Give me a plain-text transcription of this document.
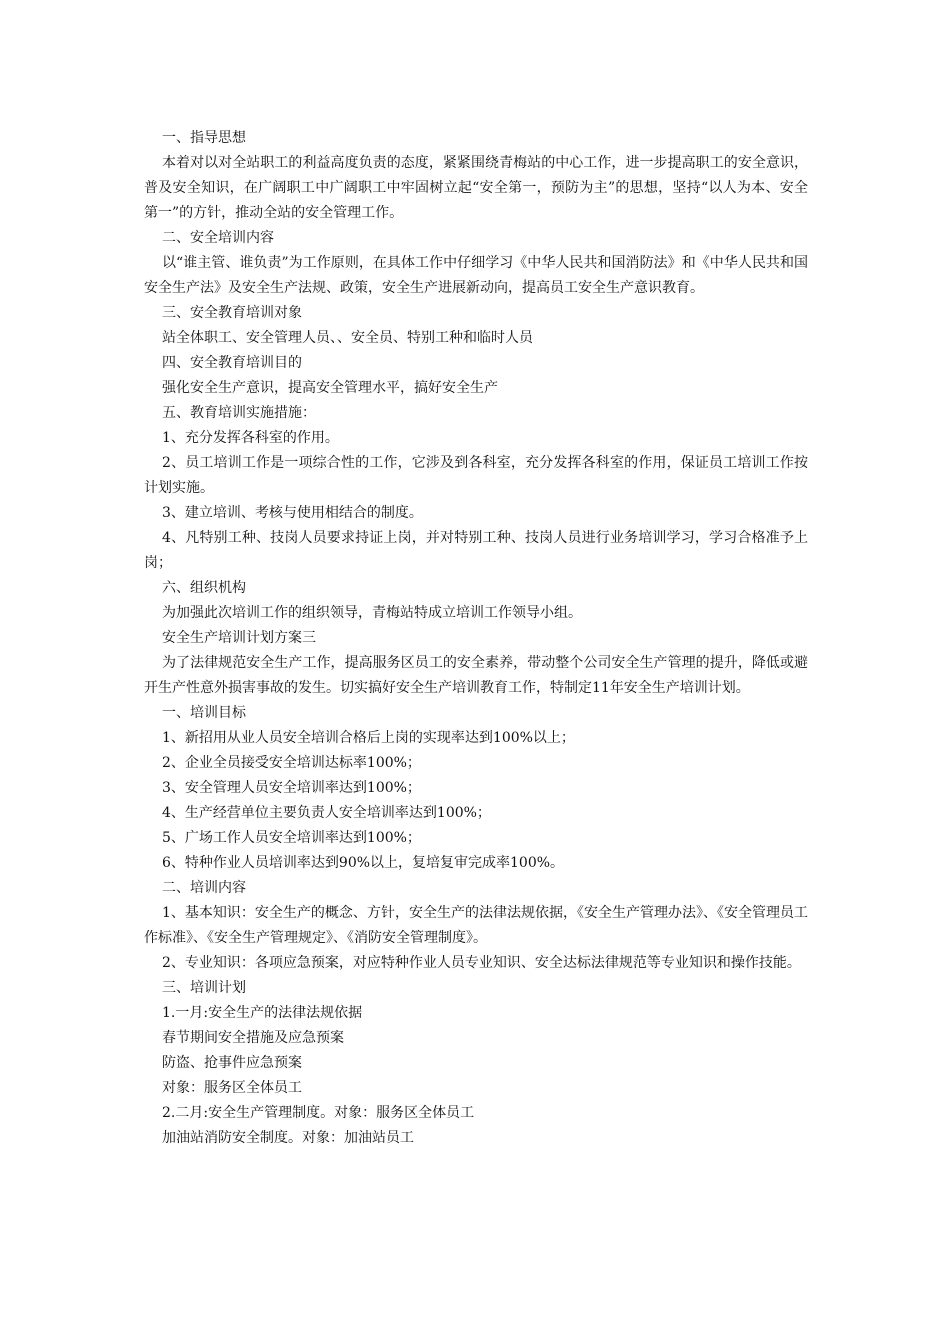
一、指导思想

本着对以对全站职工的利益高度负责的态度，紧紧围绕青梅站的中心工作，进一步提高职工的安全意识，普及安全知识，在广阔职工中广阔职工中牢固树立起“安全第一，预防为主”的思想，坚持“以人为本、安全第一”的方针，推动全站的安全管理工作。

二、安全培训内容

以“谁主管、谁负责”为工作原则，在具体工作中仔细学习《中华人民共和国消防法》和《中华人民共和国安全生产法》及安全生产法规、政策，安全生产进展新动向，提高员工安全生产意识教育。

三、安全教育培训对象

站全体职工、安全管理人员、、安全员、特别工种和临时人员

四、安全教育培训目的

强化安全生产意识，提高安全管理水平，搞好安全生产

五、教育培训实施措施：

1、充分发挥各科室的作用。

2、员工培训工作是一项综合性的工作，它涉及到各科室，充分发挥各科室的作用，保证员工培训工作按计划实施。

3、建立培训、考核与使用相结合的制度。

4、凡特别工种、技岗人员要求持证上岗，并对特别工种、技岗人员进行业务培训学习，学习合格准予上岗；

六、组织机构

为加强此次培训工作的组织领导，青梅站特成立培训工作领导小组。

安全生产培训计划方案三

为了法律规范安全生产工作，提高服务区员工的安全素养，带动整个公司安全生产管理的提升，降低或避开生产性意外损害事故的发生。切实搞好安全生产培训教育工作，特制定11年安全生产培训计划。

一、培训目标

1、新招用从业人员安全培训合格后上岗的实现率达到100%以上；

2、企业全员接受安全培训达标率100%；

3、安全管理人员安全培训率达到100%；

4、生产经营单位主要负责人安全培训率达到100%；

5、广场工作人员安全培训率达到100%；

6、特种作业人员培训率达到90%以上，复培复审完成率100%。

二、培训内容

1、基本知识：安全生产的概念、方针，安全生产的法律法规依据，《安全生产管理办法》、《安全管理员工作标准》、《安全生产管理规定》、《消防安全管理制度》。

2、专业知识：各项应急预案，对应特种作业人员专业知识、安全达标法律规范等专业知识和操作技能。

三、培训计划

1.一月:安全生产的法律法规依据

春节期间安全措施及应急预案

防盗、抢事件应急预案

对象：服务区全体员工

2.二月:安全生产管理制度。对象：服务区全体员工

加油站消防安全制度。对象：加油站员工
